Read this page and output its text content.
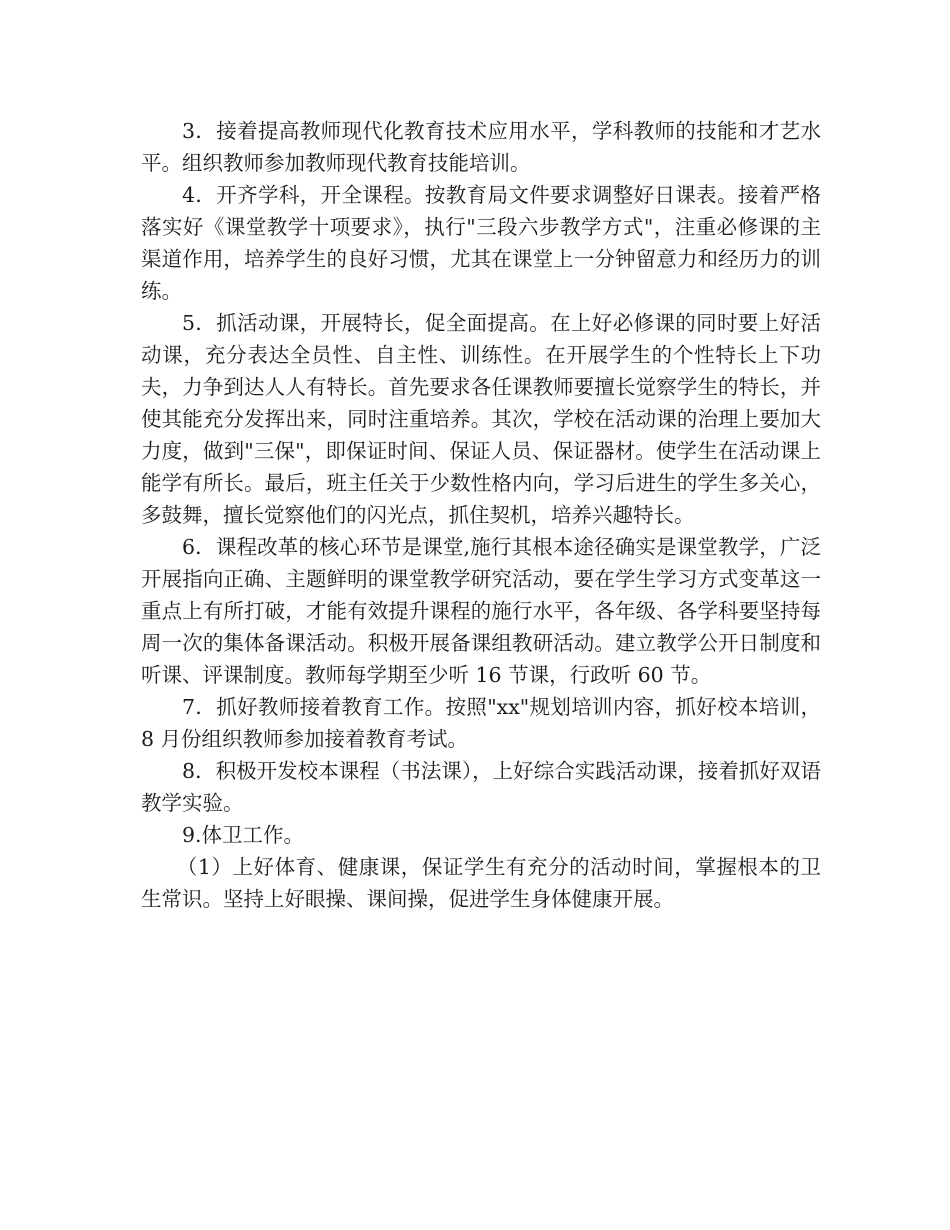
3．接着提高教师现代化教育技术应用水平，学科教师的技能和才艺水平。组织教师参加教师现代教育技能培训。

4．开齐学科，开全课程。按教育局文件要求调整好日课表。接着严格落实好《课堂教学十项要求》，执行"三段六步教学方式"，注重必修课的主渠道作用，培养学生的良好习惯，尤其在课堂上一分钟留意力和经历力的训练。

5．抓活动课，开展特长，促全面提高。在上好必修课的同时要上好活动课，充分表达全员性、自主性、训练性。在开展学生的个性特长上下功夫，力争到达人人有特长。首先要求各任课教师要擅长觉察学生的特长，并使其能充分发挥出来，同时注重培养。其次，学校在活动课的治理上要加大力度，做到"三保"，即保证时间、保证人员、保证器材。使学生在活动课上能学有所长。最后，班主任关于少数性格内向，学习后进生的学生多关心，多鼓舞，擅长觉察他们的闪光点，抓住契机，培养兴趣特长。

6．课程改革的核心环节是课堂,施行其根本途径确实是课堂教学，广泛开展指向正确、主题鲜明的课堂教学研究活动，要在学生学习方式变革这一重点上有所打破，才能有效提升课程的施行水平，各年级、各学科要坚持每周一次的集体备课活动。积极开展备课组教研活动。建立教学公开日制度和听课、评课制度。教师每学期至少听 16 节课，行政听 60 节。

7．抓好教师接着教育工作。按照"xx"规划培训内容，抓好校本培训，8 月份组织教师参加接着教育考试。

8．积极开发校本课程（书法课），上好综合实践活动课，接着抓好双语教学实验。

9.体卫工作。

（1）上好体育、健康课，保证学生有充分的活动时间，掌握根本的卫生常识。坚持上好眼操、课间操，促进学生身体健康开展。
